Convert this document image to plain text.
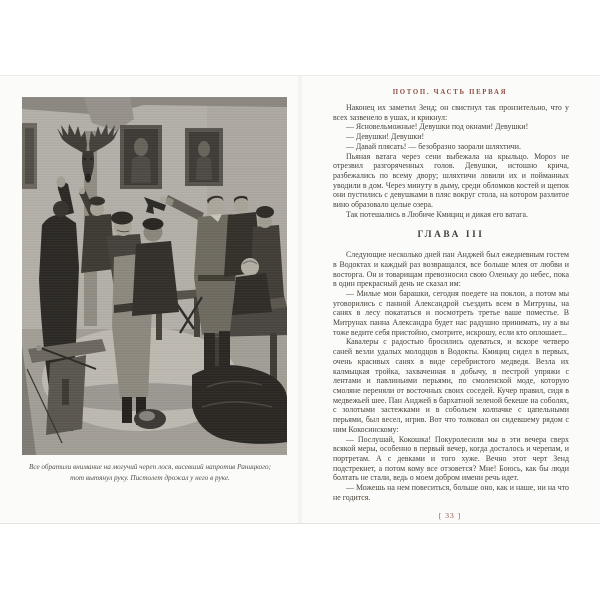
Все обратили внимание на могучий череп лося, висевший напротив Раницкого;
тот вытянул руку. Пистолет дрожал у него в руке.
ПОТОП. ЧАСТЬ ПЕРВАЯ

Наконец их заметил Зенд; он свистнул так пронзительно, что у всех зазвенело в ушах, и крикнул:

— Ясновельможные! Девушки под окнами! Девушки!

— Девушки! Девушки!

— Давай плясать! — безобразно заорали шляхтичи.

Пьяная ватага через сени выбежала на крыльцо. Мороз не отрезвил разгоряченных голов. Девушки, истошно крича, разбежались по всему двору; шляхтичи ловили их и пойманных уводили в дом. Через минуту в дыму, среди обломков костей и щепок они пустились с девушками в пляс вокруг стола, на котором разлитое вино образовало целые озера.

Так потешались в Любиче Кмициц и дикая его ватага.

ГЛАВА III

Следующие несколько дней пан Анджей был ежедневным гостем в Водоктах и каждый раз возвращался, все больше млея от любви и восторга. Он и товарищам превозносил свою Оленьку до небес, пока в один прекрасный день не сказал им:

— Милые мои барашки, сегодня поедете на поклон, а потом мы уговорились с панной Александрой съездить всем в Митруны, на санях в лесу покататься и посмотреть третье ваше поместье. В Митрунах панна Александра будет нас радушно принимать, ну а вы тоже ведите себя пристойно, смотрите, искрошу, если кто оплошает...

Кавалеры с радостью бросились одеваться, и вскоре четверо саней везли удалых молодцов в Водокты. Кмициц сидел в первых, очень красивых санях в виде серебристого медведя. Везла их калмыцкая тройка, захваченная в добычу, в пестрой упряжи с лентами и павлиньими перьями, по смоленской моде, которую смоляне переняли от восточных своих соседей. Кучер правил, сидя в медвежьей шее. Пан Анджей в бархатной зеленой бекеше на соболях, с золотыми застежками и в собольем колпачке с цапельными перьями, был весел, игрив. Вот что толковал он сидевшему рядом с ним Кокосинскому:

— Послушай, Кокошка! Покуролесили мы в эти вечера сверх всякой меры, особенно в первый вечер, когда досталось и черепам, и портретам. А с девками и того хуже. Вечно этот черт Зенд подстрекнет, а потом кому все отзовется? Мне! Боюсь, как бы люди болтать не стали, ведь о моем добром имени речь идет.

— Можешь на нем повеситься, больше оно, как и наше, ни на что не годится.

[ 33 ]
